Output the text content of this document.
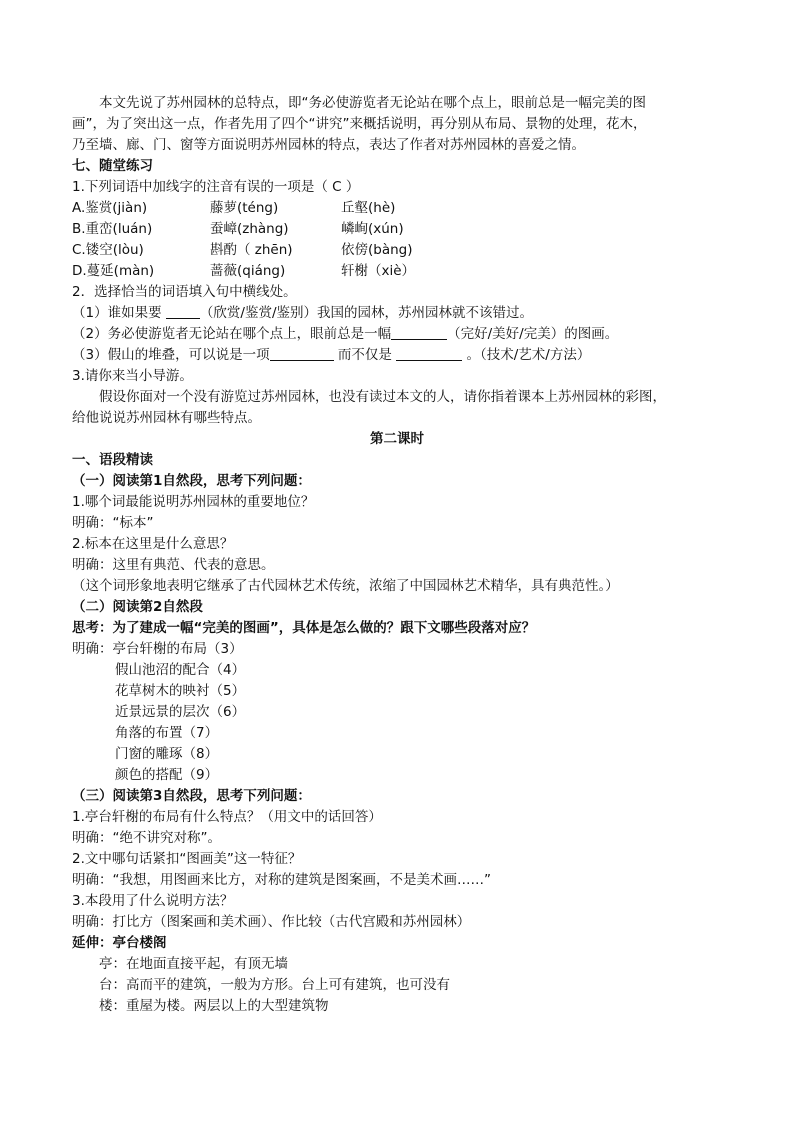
本文先说了苏州园林的总特点，即“务必使游览者无论站在哪个点上，眼前总是一幅完美的图
画”，为了突出这一点，作者先用了四个“讲究”来概括说明，再分别从布局、景物的处理，花木，
乃至墙、廊、门、窗等方面说明苏州园林的特点，表达了作者对苏州园林的喜爱之情。
七、随堂练习
1.下列词语中加线字的注音有误的一项是（ C ）
A.鉴赏(jiàn)	藤萝(téng)	丘壑(hè)
B.重峦(luán)	蚕嶂(zhàng)	嶙峋(xún)
C.镂空(lòu)	斟酌（ zhēn)	依傍(bàng)
D.蔓延(màn)	蔷薇(qiáng)	轩榭（xiè）
2．选择恰当的词语填入句中横线处。
（1）谁如果要	（欣赏/鉴赏/鉴别）我国的园林，苏州园林就不该错过。
（2）务必使游览者无论站在哪个点上，眼前总是一幅	（完好/美好/完美）的图画。
（3）假山的堆叠，可以说是一项	而不仅是	。（技术/艺术/方法）
3.请你来当小导游。
假设你面对一个没有游览过苏州园林，也没有读过本文的人，请你指着课本上苏州园林的彩图，
给他说说苏州园林有哪些特点。
第二课时
一、语段精读
（一）阅读第1自然段，思考下列问题：
1.哪个词最能说明苏州园林的重要地位？
明确：“标本”
2.标本在这里是什么意思？
明确：这里有典范、代表的意思。
（这个词形象地表明它继承了古代园林艺术传统，浓缩了中国园林艺术精华，具有典范性。）
（二）阅读第2自然段
思考：为了建成一幅“完美的图画”，具体是怎么做的？跟下文哪些段落对应？
明确：亭台轩榭的布局（3）
假山池沼的配合（4）
花草树木的映衬（5）
近景远景的层次（6）
角落的布置（7）
门窗的雕琢（8）
颜色的搭配（9）
（三）阅读第3自然段，思考下列问题：
1.亭台轩榭的布局有什么特点？（用文中的话回答）
明确：“绝不讲究对称”。
2.文中哪句话紧扣“图画美”这一特征？
明确：“我想，用图画来比方，对称的建筑是图案画，不是美术画……”
3.本段用了什么说明方法？
明确：打比方（图案画和美术画）、作比较（古代宫殿和苏州园林）
延伸：亭台楼阁
亭：在地面直接平起，有顶无墙
台：高而平的建筑，一般为方形。台上可有建筑，也可没有
楼：重屋为楼。两层以上的大型建筑物
